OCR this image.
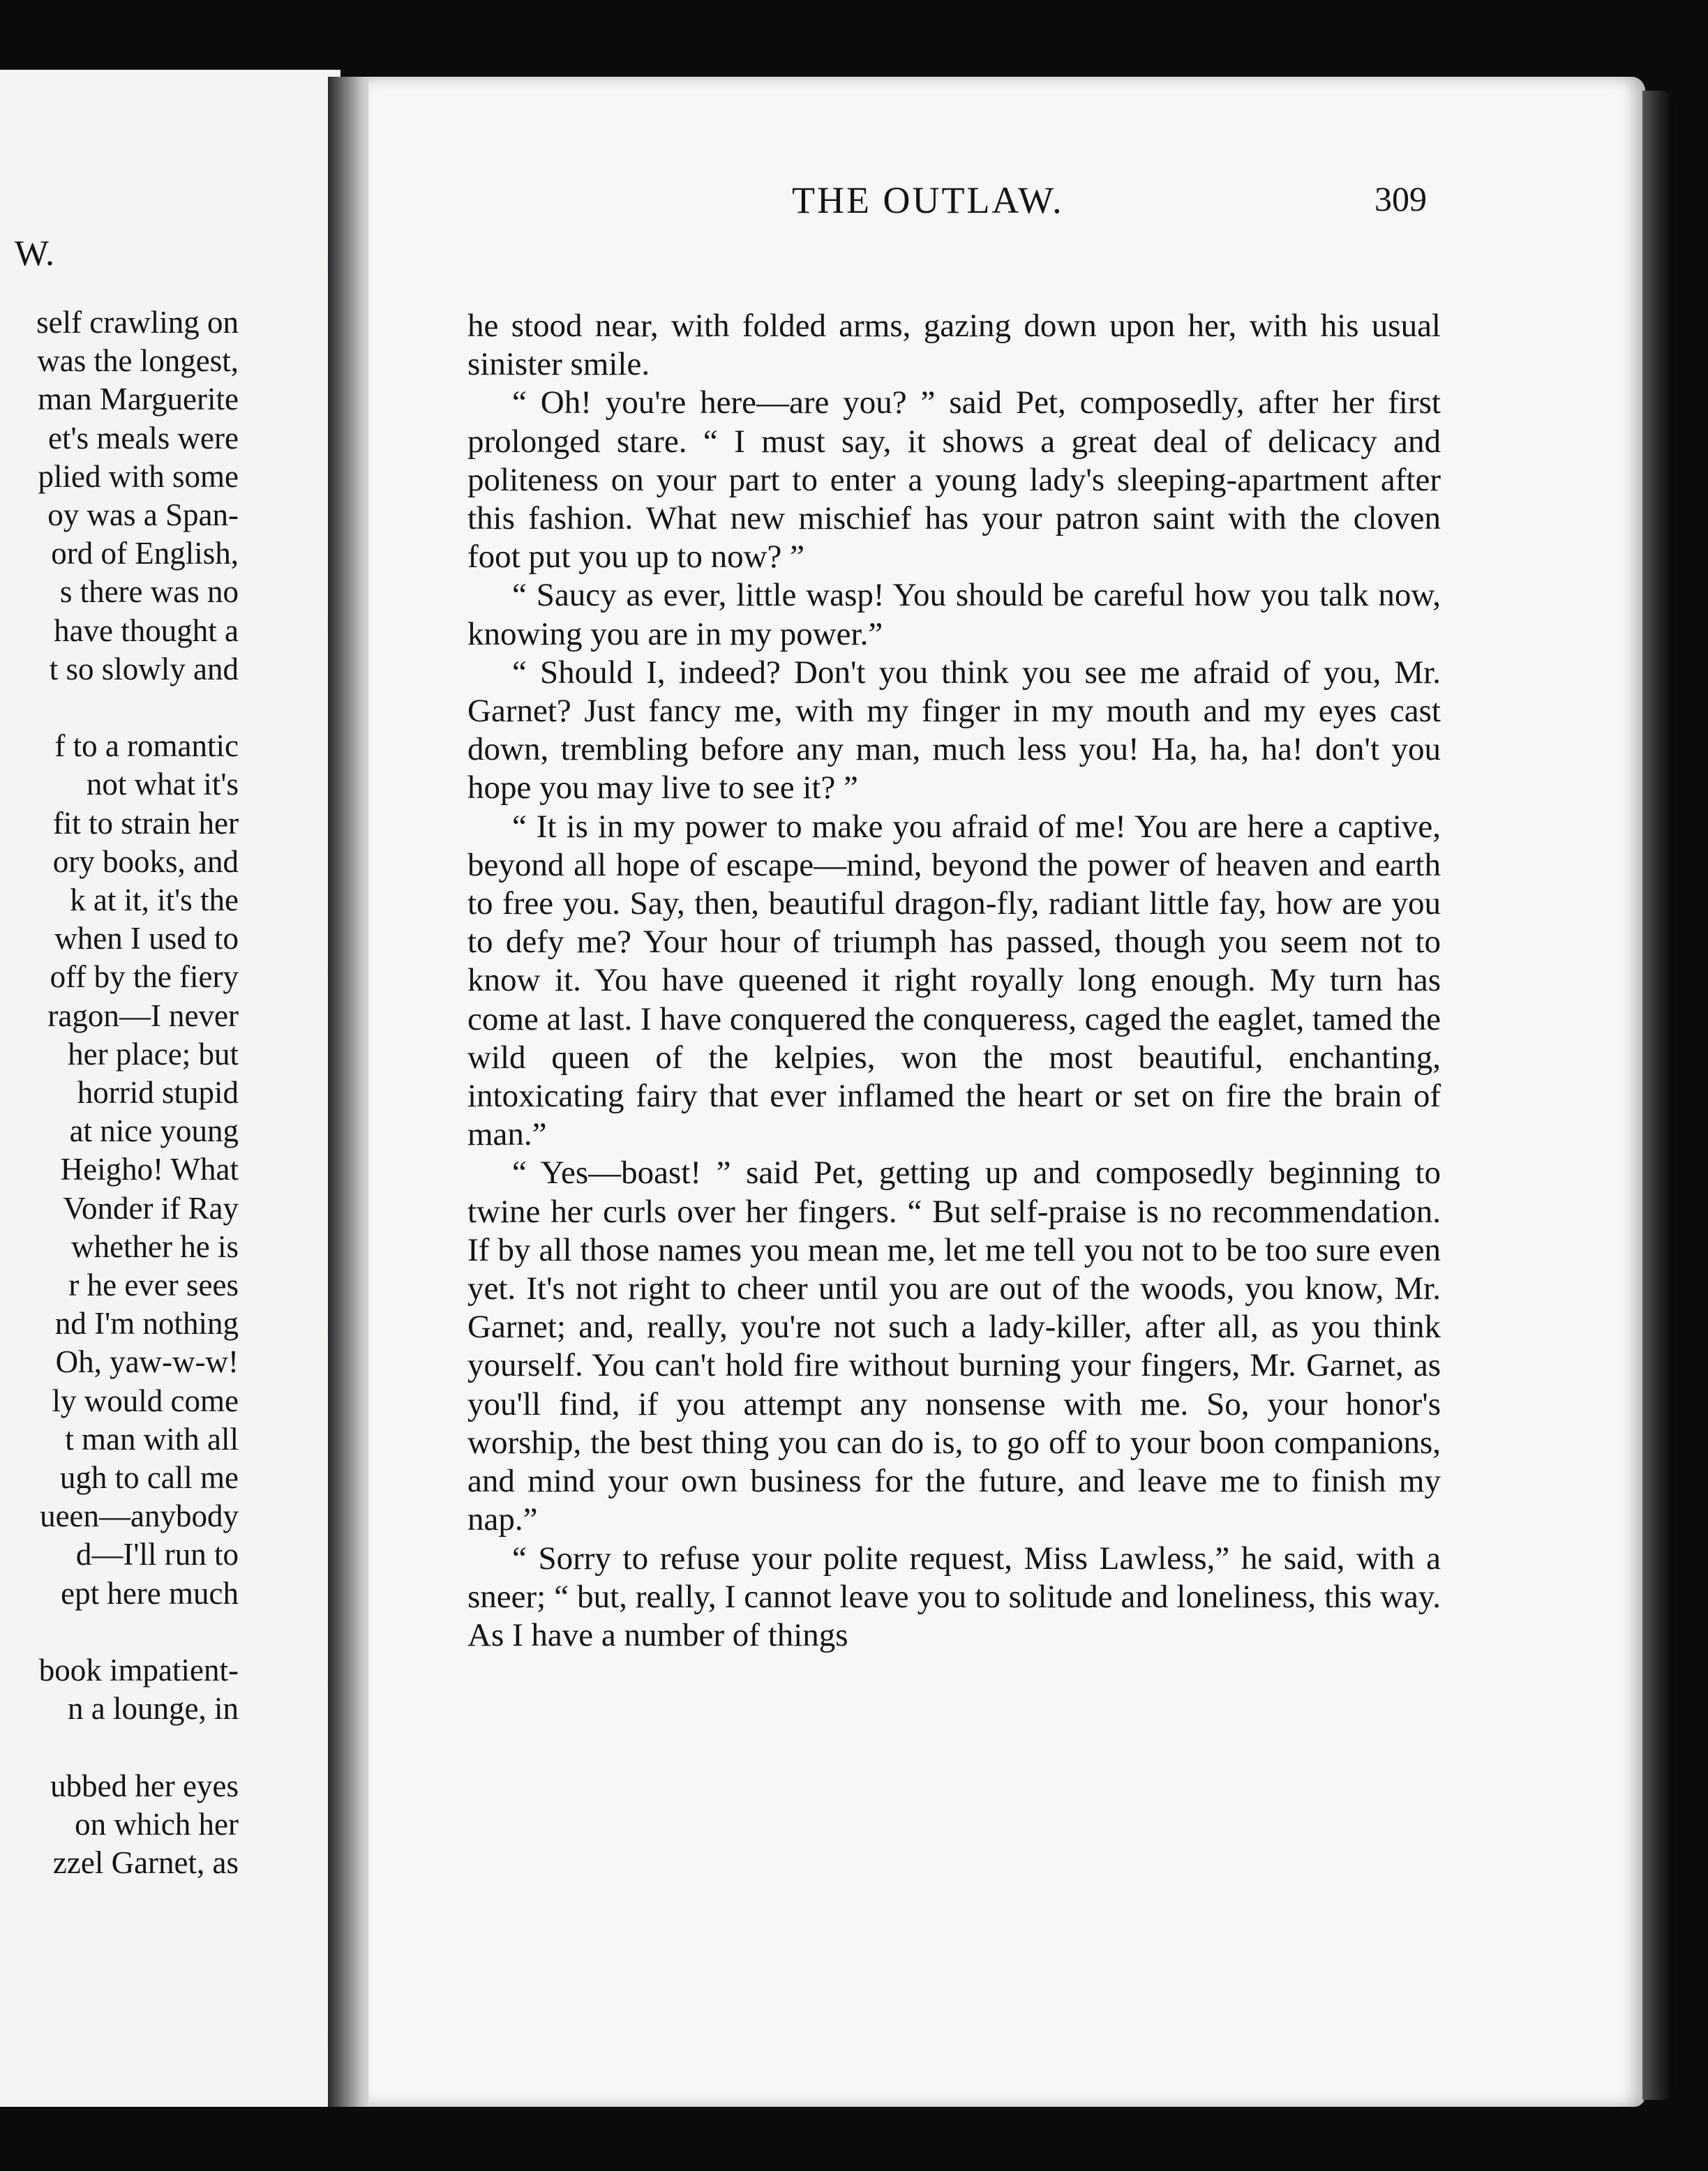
W.
self crawling on
was the longest,
man Marguerite
et's meals were
plied with some
oy was a Span-
ord of English,
s there was no
have thought a
t so slowly and
f to a romantic
not what it's
fit to strain her
ory books, and
k at it, it's the
when I used to
off by the fiery
ragon—I never
her place; but
horrid stupid
at nice young
Heigho! What
Vonder if Ray
whether he is
r he ever sees
nd I'm nothing
Oh, yaw-w-w!
ly would come
t man with all
ugh to call me
ueen—anybody
d—I'll run to
ept here much
book impatient-
n a lounge, in
ubbed her eyes
on which her
zzel Garnet, as
THE OUTLAW.	309

he stood near, with folded arms, gazing down upon her, with his usual sinister smile.

“ Oh! you're here—are you? ” said Pet, composedly, after her first prolonged stare. “ I must say, it shows a great deal of delicacy and politeness on your part to enter a young lady's sleeping-apartment after this fashion. What new mischief has your patron saint with the cloven foot put you up to now? ”

“ Saucy as ever, little wasp! You should be careful how you talk now, knowing you are in my power.”

“ Should I, indeed? Don't you think you see me afraid of you, Mr. Garnet? Just fancy me, with my finger in my mouth and my eyes cast down, trembling before any man, much less you! Ha, ha, ha! don't you hope you may live to see it? ”

“ It is in my power to make you afraid of me! You are here a captive, beyond all hope of escape—mind, beyond the power of heaven and earth to free you. Say, then, beautiful dragon-fly, radiant little fay, how are you to defy me? Your hour of triumph has passed, though you seem not to know it. You have queened it right royally long enough. My turn has come at last. I have conquered the conqueress, caged the eaglet, tamed the wild queen of the kelpies, won the most beautiful, enchanting, intoxicating fairy that ever inflamed the heart or set on fire the brain of man.”

“ Yes—boast! ” said Pet, getting up and composedly beginning to twine her curls over her fingers. “ But self-praise is no recommendation. If by all those names you mean me, let me tell you not to be too sure even yet. It's not right to cheer until you are out of the woods, you know, Mr. Garnet; and, really, you're not such a lady-killer, after all, as you think yourself. You can't hold fire without burning your fingers, Mr. Garnet, as you'll find, if you attempt any nonsense with me. So, your honor's worship, the best thing you can do is, to go off to your boon companions, and mind your own business for the future, and leave me to finish my nap.”

“ Sorry to refuse your polite request, Miss Lawless,” he said, with a sneer; “ but, really, I cannot leave you to solitude and loneliness, this way. As I have a number of things
